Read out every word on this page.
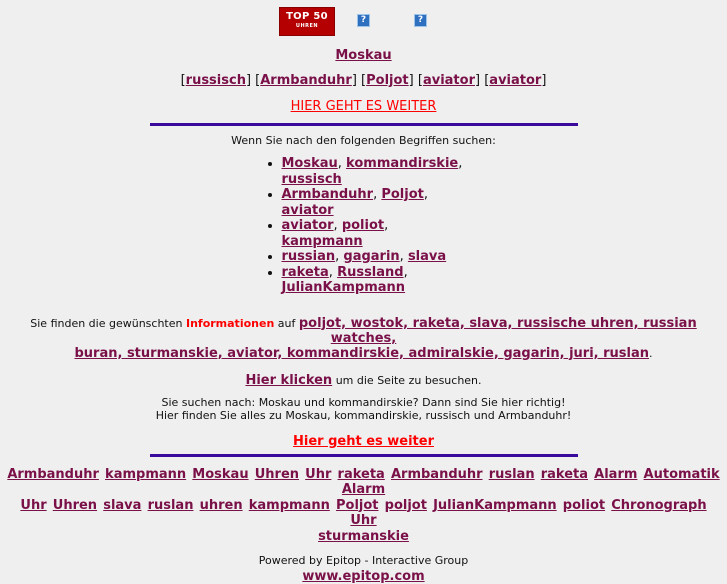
TOP 50
UHREN
?	?
Moskau
[russisch] [Armbanduhr] [Poljot] [aviator] [aviator]
HIER GEHT ES WEITER
Wenn Sie nach den folgenden Begriffen suchen:
• Moskau, kommandirskie, russisch
• Armbanduhr, Poljot, aviator
• aviator, poliot, kampmann
• russian, gagarin, slava
• raketa, Russland, JulianKampmann
Sie finden die gewünschten Informationen auf poljot, wostok, raketa, slava, russische uhren, russian watches,
buran, sturmanskie, aviator, kommandirskie, admiralskie, gagarin, juri, ruslan.
Hier klicken um die Seite zu besuchen.
Sie suchen nach: Moskau und kommandirskie? Dann sind Sie hier richtig!
Hier finden Sie alles zu Moskau, kommandirskie, russisch und Armbanduhr!
Hier geht es weiter
Armbanduhr kampmann Moskau Uhren Uhr raketa Armbanduhr ruslan raketa Alarm Automatik Alarm
Uhr Uhren slava ruslan uhren kampmann Poljot poljot JulianKampmann poliot Chronograph Uhr
sturmanskie
Powered by Epitop - Interactive Group
www.epitop.com
